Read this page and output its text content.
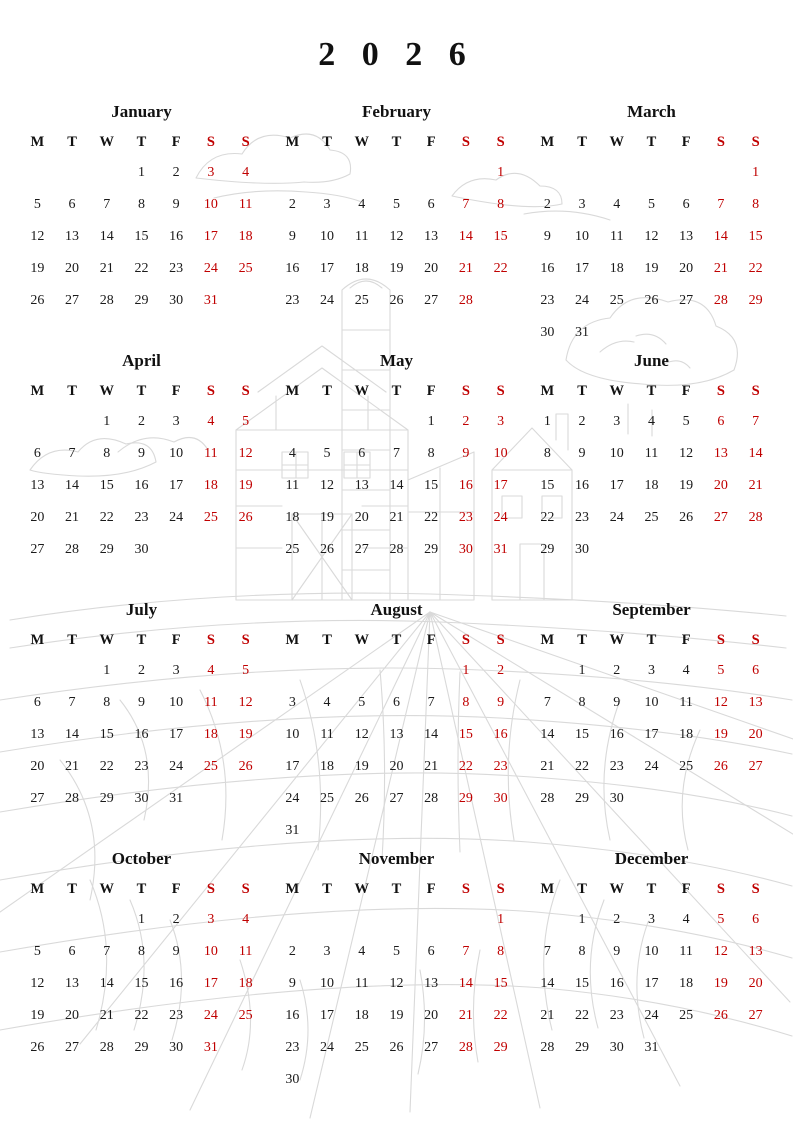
2 0 2 6
January
M	T	W	T	F	S	S
			1	2	3	4
5	6	7	8	9	10	11
12	13	14	15	16	17	18
19	20	21	22	23	24	25
26	27	28	29	30	31	
February
M	T	W	T	F	S	S
						1
2	3	4	5	6	7	8
9	10	11	12	13	14	15
16	17	18	19	20	21	22
23	24	25	26	27	28	
March
M	T	W	T	F	S	S
						1
2	3	4	5	6	7	8
9	10	11	12	13	14	15
16	17	18	19	20	21	22
23	24	25	26	27	28	29
30	31					
April
M	T	W	T	F	S	S
		1	2	3	4	5
6	7	8	9	10	11	12
13	14	15	16	17	18	19
20	21	22	23	24	25	26
27	28	29	30			
May
M	T	W	T	F	S	S
				1	2	3
4	5	6	7	8	9	10
11	12	13	14	15	16	17
18	19	20	21	22	23	24
25	26	27	28	29	30	31
June
M	T	W	T	F	S	S
1	2	3	4	5	6	7
8	9	10	11	12	13	14
15	16	17	18	19	20	21
22	23	24	25	26	27	28
29	30					
July
M	T	W	T	F	S	S
		1	2	3	4	5
6	7	8	9	10	11	12
13	14	15	16	17	18	19
20	21	22	23	24	25	26
27	28	29	30	31		
August
M	T	W	T	F	S	S
					1	2
3	4	5	6	7	8	9
10	11	12	13	14	15	16
17	18	19	20	21	22	23
24	25	26	27	28	29	30
31						
September
M	T	W	T	F	S	S
	1	2	3	4	5	6
7	8	9	10	11	12	13
14	15	16	17	18	19	20
21	22	23	24	25	26	27
28	29	30				
October
M	T	W	T	F	S	S
			1	2	3	4
5	6	7	8	9	10	11
12	13	14	15	16	17	18
19	20	21	22	23	24	25
26	27	28	29	30	31	
November
M	T	W	T	F	S	S
						1
2	3	4	5	6	7	8
9	10	11	12	13	14	15
16	17	18	19	20	21	22
23	24	25	26	27	28	29
30						
December
M	T	W	T	F	S	S
	1	2	3	4	5	6
7	8	9	10	11	12	13
14	15	16	17	18	19	20
21	22	23	24	25	26	27
28	29	30	31			
